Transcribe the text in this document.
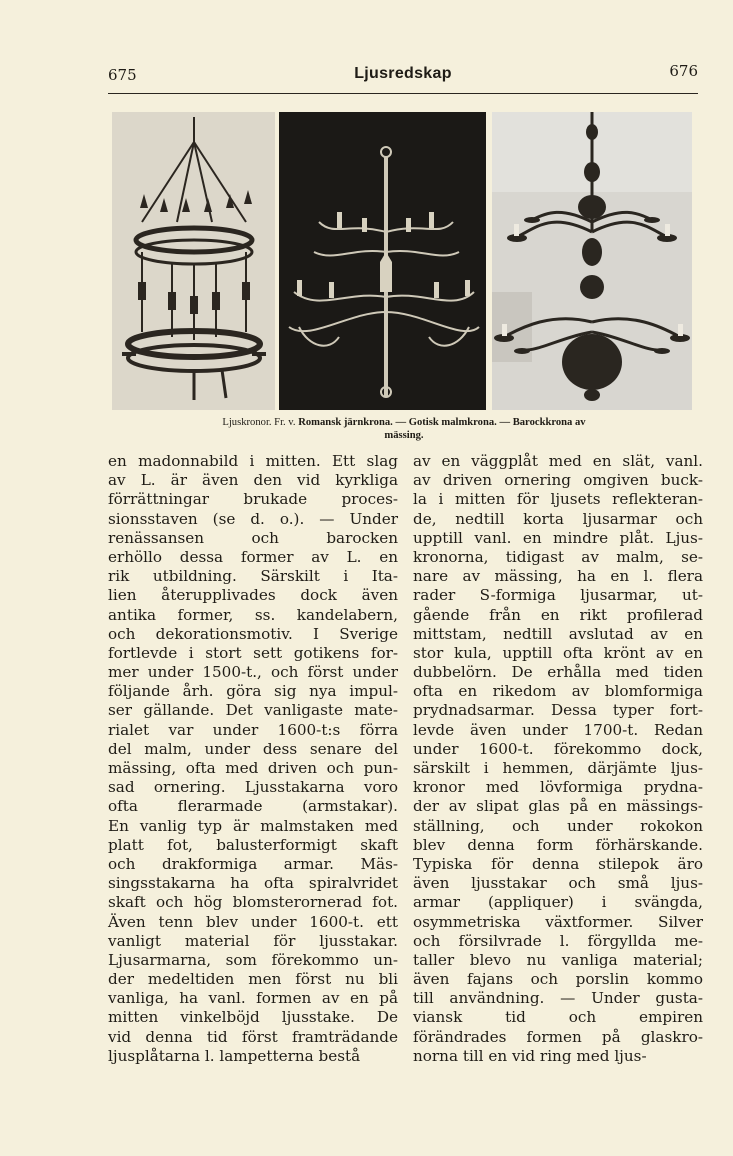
675	Ljusredskap	676
Ljuskronor. Fr. v. Romansk järnkrona. — Gotisk malmkrona. — Barockkrona av
mässing.
en madonnabild i mitten. Ett slag
av L. är även den vid kyrkliga
förrättningar brukade proces-
sionsstaven (se d. o.). — Under
renässansen och barocken
erhöllo dessa former av L. en
rik utbildning. Särskilt i Ita-
lien återupplivades dock även
antika former, ss. kandelabern,
och dekorationsmotiv. I Sverige
fortlevde i stort sett gotikens for-
mer under 1500-t., och först under
följande årh. göra sig nya impul-
ser gällande. Det vanligaste mate-
rialet var under 1600-t:s förra
del malm, under dess senare del
mässing, ofta med driven och pun-
sad ornering. Ljusstakarna voro
ofta flerarmade (armstakar).
En vanlig typ är malmstaken med
platt fot, balusterformigt skaft
och drakformiga armar. Mäs-
singsstakarna ha ofta spiralvridet
skaft och hög blomsterornerad fot.
Även tenn blev under 1600-t. ett
vanligt material för ljusstakar.
Ljusarmarna, som förekommo un-
der medeltiden men först nu bli
vanliga, ha vanl. formen av en på
mitten vinkelböjd ljusstake. De
vid denna tid först framträdande
ljusplåtarna l. lampetterna bestå
av en väggplåt med en slät, vanl.
av driven ornering omgiven buck-
la i mitten för ljusets reflekteran-
de, nedtill korta ljusarmar och
upptill vanl. en mindre plåt. Ljus-
kronorna, tidigast av malm, se-
nare av mässing, ha en l. flera
rader S-formiga ljusarmar, ut-
gående från en rikt profilerad
mittstam, nedtill avslutad av en
stor kula, upptill ofta krönt av en
dubbelörn. De erhålla med tiden
ofta en rikedom av blomformiga
prydnadsarmar. Dessa typer fort-
levde även under 1700-t. Redan
under 1600-t. förekommo dock,
särskilt i hemmen, därjämte ljus-
kronor med lövformiga prydna-
der av slipat glas på en mässings-
ställning, och under rokokon
blev denna form förhärskande.
Typiska för denna stilepok äro
även ljusstakar och små ljus-
armar (appliquer) i svängda,
osymmetriska växtformer. Silver
och försilvrade l. förgyllda me-
taller blevo nu vanliga material;
även fajans och porslin kommo
till användning. — Under gusta-
viansk tid och empiren
förändrades formen på glaskro-
norna till en vid ring med ljus-
